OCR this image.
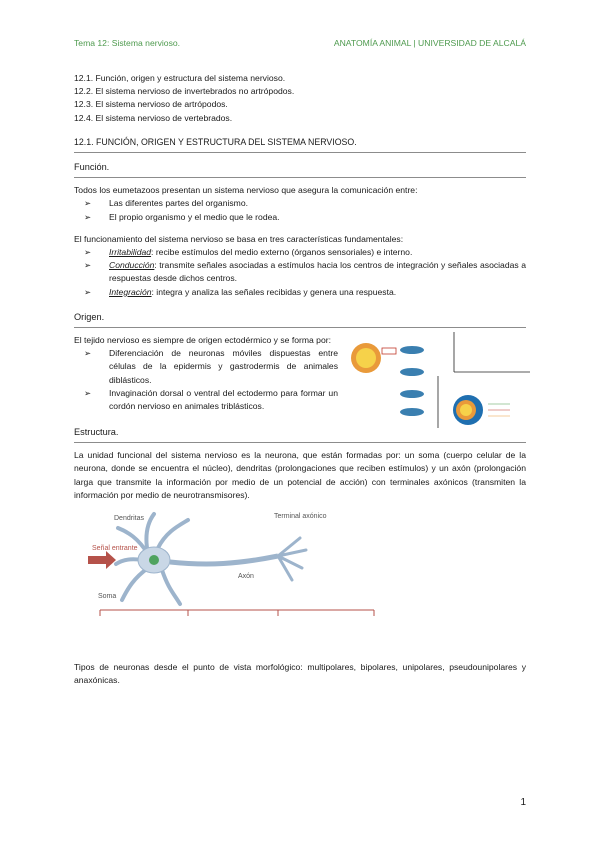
Tema 12: Sistema nervioso.	ANATOMÍA ANIMAL | UNIVERSIDAD DE ALCALÁ
12.1. Función, origen y estructura del sistema nervioso.
12.2. El sistema nervioso de invertebrados no artrópodos.
12.3. El sistema nervioso de artrópodos.
12.4. El sistema nervioso de vertebrados.
12.1. FUNCIÓN, ORIGEN Y ESTRUCTURA DEL SISTEMA NERVIOSO.
Función.

Todos los eumetazoos presentan un sistema nervioso que asegura la comunicación entre:

➢ Las diferentes partes del organismo.
➢ El propio organismo y el medio que le rodea.

El funcionamiento del sistema nervioso se basa en tres características fundamentales:

➢ Irritabilidad: recibe estímulos del medio externo (órganos sensoriales) e interno.
➢ Conducción: transmite señales asociadas a estímulos hacia los centros de integración y señales asociadas a respuestas desde dichos centros.
➢ Integración: integra y analiza las señales recibidas y genera una respuesta.
Origen.
El tejido nervioso es siempre de origen ectodérmico y se forma por:
➢ Diferenciación de neuronas móviles dispuestas entre células de la epidermis y gastrodermis de animales diblásticos.
➢ Invaginación dorsal o ventral del ectodermo para formar un cordón nervioso en animales triblásticos.
Estructura.

La unidad funcional del sistema nervioso es la neurona, que están formadas por: un soma (cuerpo celular de la neurona, donde se encuentra el núcleo), dendritas (prolongaciones que reciben estímulos) y un axón (prolongación larga que transmite la información por medio de un potencial de acción) con terminales axónicos (transmiten la información por medio de neurotransmisores).

Señal entrante
Dendritas	Terminal axónico
Axón
Soma

Tipos de neuronas desde el punto de vista morfológico: multipolares, bipolares, unipolares, pseudounipolares y anaxónicas.

1
